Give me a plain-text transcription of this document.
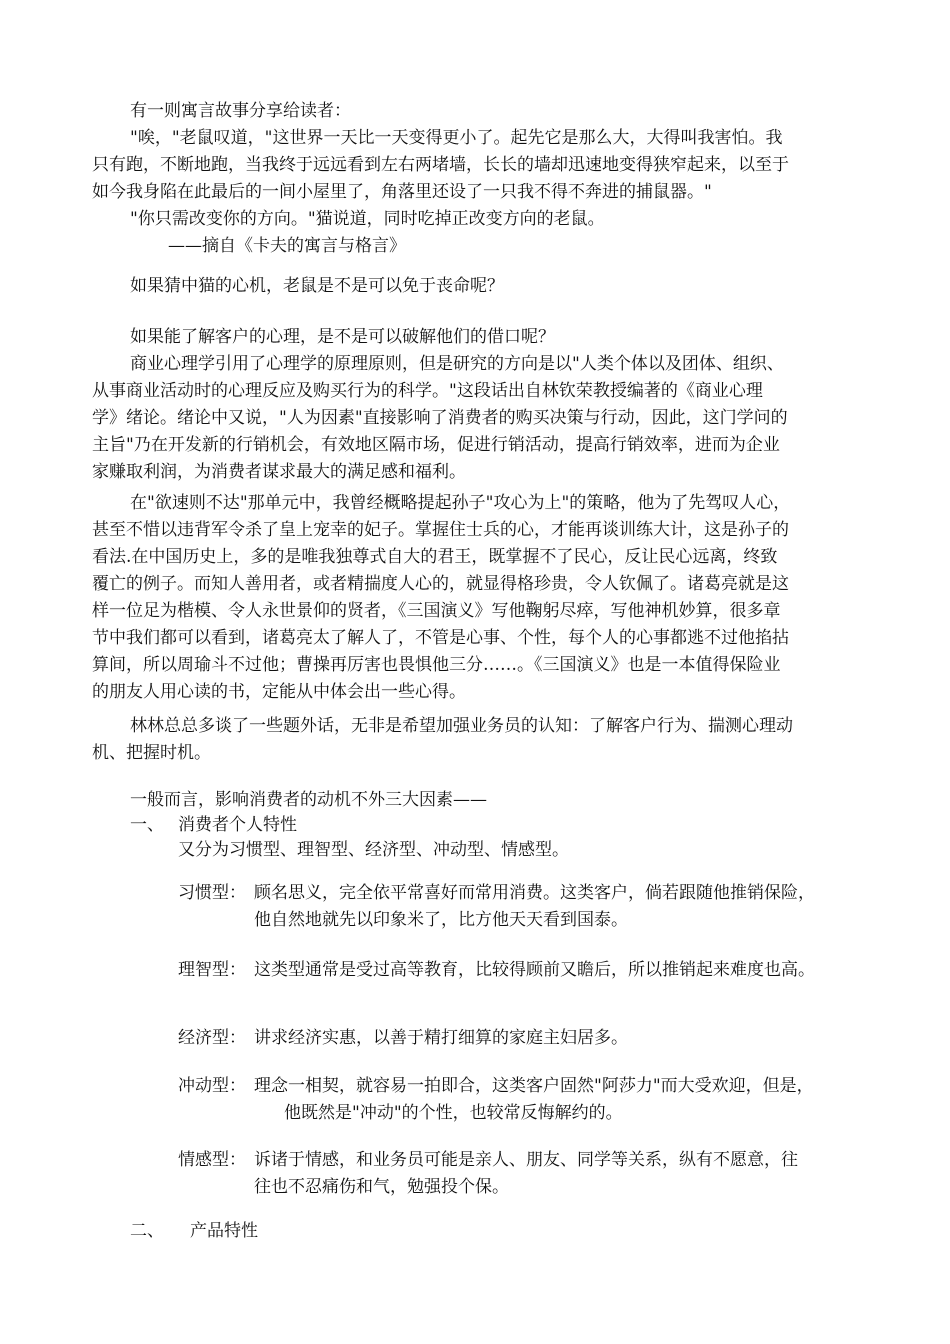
有一则寓言故事分享给读者：

"唉，"老鼠叹道，"这世界一天比一天变得更小了。起先它是那么大，大得叫我害怕。我
只有跑，不断地跑，当我终于远远看到左右两堵墙，长长的墙却迅速地变得狭窄起来，以至于
如今我身陷在此最后的一间小屋里了，角落里还设了一只我不得不奔进的捕鼠器。"

"你只需改变你的方向。"猫说道，同时吃掉正改变方向的老鼠。

——摘自《卡夫的寓言与格言》

如果猜中猫的心机，老鼠是不是可以免于丧命呢？

如果能了解客户的心理，是不是可以破解他们的借口呢？

商业心理学引用了心理学的原理原则，但是研究的方向是以"人类个体以及团体、组织、
从事商业活动时的心理反应及购买行为的科学。"这段话出自林钦荣教授编著的《商业心理
学》绪论。绪论中又说，"人为因素"直接影响了消费者的购买决策与行动，因此，这门学问的
主旨"乃在开发新的行销机会，有效地区隔市场，促进行销活动，提高行销效率，进而为企业
家赚取利润，为消费者谋求最大的满足感和福利。
在"欲速则不达"那单元中，我曾经概略提起孙子"攻心为上"的策略，他为了先驾叹人心，
甚至不惜以违背军令杀了皇上宠幸的妃子。掌握住士兵的心，才能再谈训练大计，这是孙子的
看法.在中国历史上，多的是唯我独尊式自大的君王，既掌握不了民心，反让民心远离，终致
覆亡的例子。而知人善用者，或者精揣度人心的，就显得格珍贵，令人钦佩了。诸葛亮就是这
样一位足为楷模、令人永世景仰的贤者，《三国演义》写他鞠躬尽瘁，写他神机妙算，很多章
节中我们都可以看到，诸葛亮太了解人了，不管是心事、个性，每个人的心事都逃不过他掐拈
算间，所以周瑜斗不过他；曹操再厉害也畏惧他三分……。《三国演义》也是一本值得保险业
的朋友人用心读的书，定能从中体会出一些心得。
林林总总多谈了一些题外话，无非是希望加强业务员的认知：了解客户行为、揣测心理动
机、把握时机。

一般而言，影响消费者的动机不外三大因素——

一、 消费者个人特性

又分为习惯型、理智型、经济型、冲动型、情感型。

习惯型： 顾名思义，完全依平常喜好而常用消费。这类客户，倘若跟随他推销保险，
他自然地就先以印象米了，比方他天天看到国泰。

理智型： 这类型通常是受过高等教育，比较得顾前又瞻后，所以推销起来难度也高。

经济型： 讲求经济实惠，以善于精打细算的家庭主妇居多。

冲动型： 理念一相契，就容易一拍即合，这类客户固然"阿莎力"而大受欢迎，但是，
他既然是"冲动"的个性，也较常反悔解约的。

情感型： 诉诸于情感，和业务员可能是亲人、朋友、同学等关系，纵有不愿意，往
往也不忍痛伤和气，勉强投个保。

二、 产品特性
